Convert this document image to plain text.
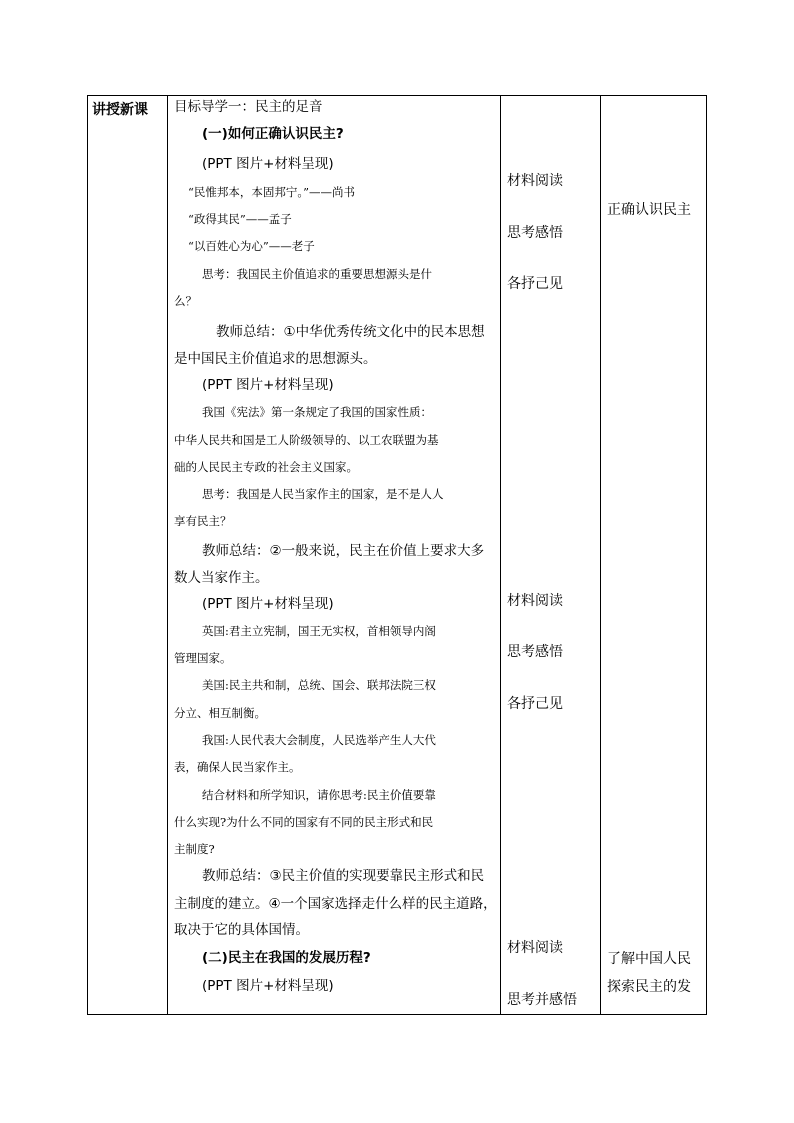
讲授新课 目标导学一：民主的足音
(一)如何正确认识民主?
(PPT 图片+材料呈现)
“民惟邦本，本固邦宁。”——尚书
“政得其民”——孟子
“以百姓心为心”——老子
思考：我国民主价值追求的重要思想源头是什
么？
教师总结：①中华优秀传统文化中的民本思想
是中国民主价值追求的思想源头。
(PPT 图片+材料呈现)
我国《宪法》第一条规定了我国的国家性质：
中华人民共和国是工人阶级领导的、以工农联盟为基
础的人民民主专政的社会主义国家。
思考：我国是人民当家作主的国家，是不是人人
享有民主？
教师总结：②一般来说，民主在价值上要求大多
数人当家作主。
(PPT 图片+材料呈现)
英国:君主立宪制，国王无实权，首相领导内阁
管理国家。
美国:民主共和制，总统、国会、联邦法院三权
分立、相互制衡。
我国:人民代表大会制度，人民选举产生人大代
表，确保人民当家作主。
结合材料和所学知识，请你思考:民主价值要靠
什么实现?为什么不同的国家有不同的民主形式和民
主制度?
教师总结：③民主价值的实现要靠民主形式和民
主制度的建立。④一个国家选择走什么样的民主道路，
取决于它的具体国情。
(二)民主在我国的发展历程?
(PPT 图片+材料呈现)
材料阅读
思考感悟
各抒己见
材料阅读
思考感悟
各抒己见
材料阅读
思考并感悟
正确认识民主
了解中国人民
探索民主的发
